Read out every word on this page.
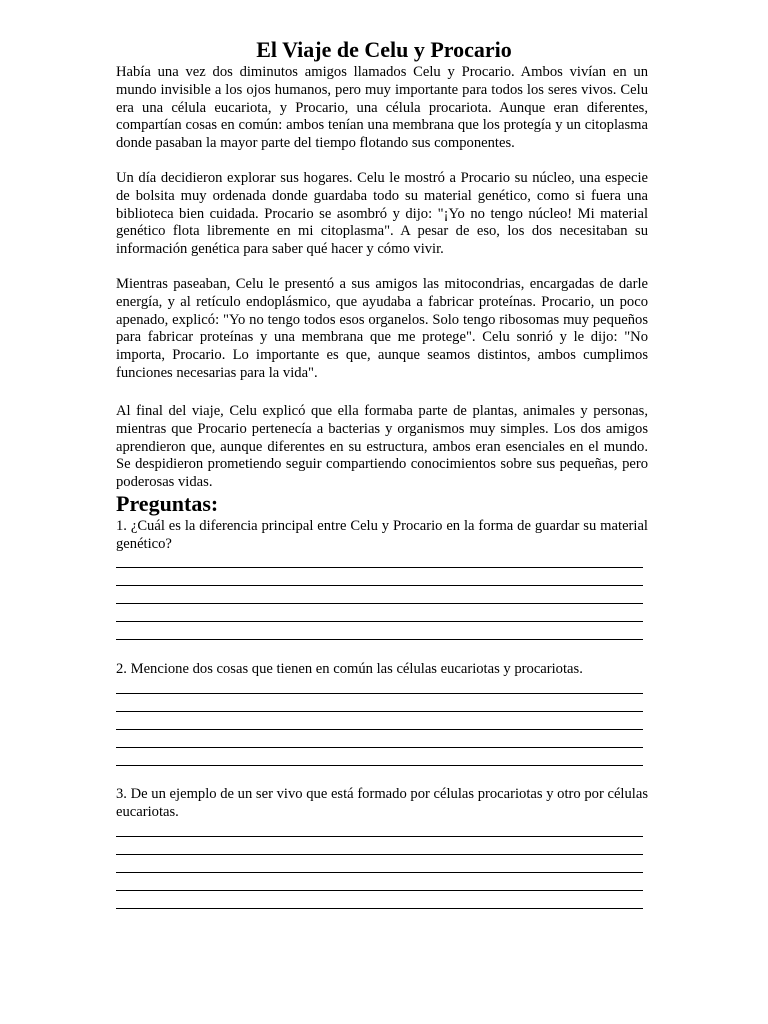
El Viaje de Celu y Procario

Había una vez dos diminutos amigos llamados Celu y Procario. Ambos vivían en un mundo invisible a los ojos humanos, pero muy importante para todos los seres vivos. Celu era una célula eucariota, y Procario, una célula procariota. Aunque eran diferentes, compartían cosas en común: ambos tenían una membrana que los protegía y un citoplasma donde pasaban la mayor parte del tiempo flotando sus componentes.

Un día decidieron explorar sus hogares. Celu le mostró a Procario su núcleo, una especie de bolsita muy ordenada donde guardaba todo su material genético, como si fuera una biblioteca bien cuidada. Procario se asombró y dijo: "¡Yo no tengo núcleo! Mi material genético flota libremente en mi citoplasma". A pesar de eso, los dos necesitaban su información genética para saber qué hacer y cómo vivir.

Mientras paseaban, Celu le presentó a sus amigos las mitocondrias, encargadas de darle energía, y al retículo endoplásmico, que ayudaba a fabricar proteínas. Procario, un poco apenado, explicó: "Yo no tengo todos esos organelos. Solo tengo ribosomas muy pequeños para fabricar proteínas y una membrana que me protege". Celu sonrió y le dijo: "No importa, Procario. Lo importante es que, aunque seamos distintos, ambos cumplimos funciones necesarias para la vida".

Al final del viaje, Celu explicó que ella formaba parte de plantas, animales y personas, mientras que Procario pertenecía a bacterias y organismos muy simples. Los dos amigos aprendieron que, aunque diferentes en su estructura, ambos eran esenciales en el mundo. Se despidieron prometiendo seguir compartiendo conocimientos sobre sus pequeñas, pero poderosas vidas.

Preguntas:

1. ¿Cuál es la diferencia principal entre Celu y Procario en la forma de guardar su material genético?

2. Mencione dos cosas que tienen en común las células eucariotas y procariotas.

3. De un ejemplo de un ser vivo que está formado por células procariotas y otro por células eucariotas.
